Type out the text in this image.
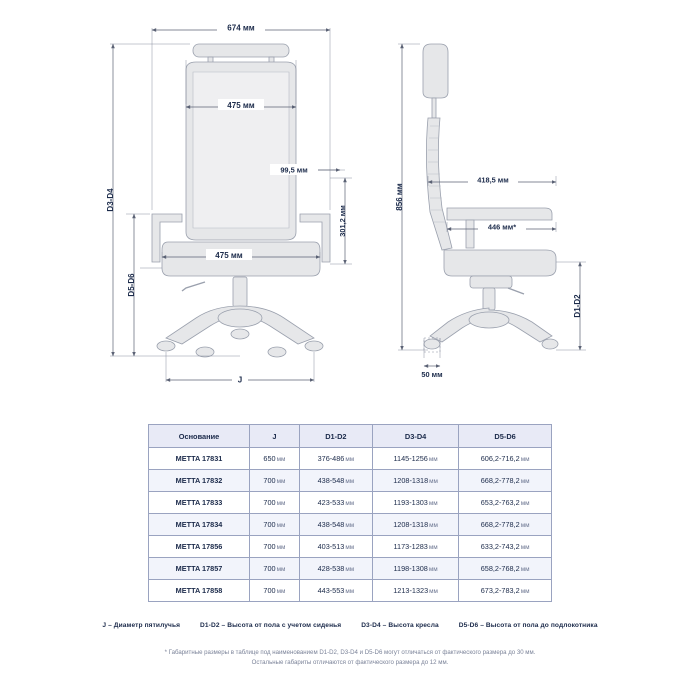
674 мм
475 мм
99,5 мм
475 мм
301,2 мм
D3-D4
D5-D6
J
856 мм
418,5 мм
446 мм*
D1-D2
50 мм
Основание	J	D1-D2	D3-D4	D5-D6
METTA 17831	650мм	376-486мм	1145-1256мм	606,2-716,2мм
METTA 17832	700мм	438-548мм	1208-1318мм	668,2-778,2мм
METTA 17833	700мм	423-533мм	1193-1303мм	653,2-763,2мм
METTA 17834	700мм	438-548мм	1208-1318мм	668,2-778,2мм
METTA 17856	700мм	403-513мм	1173-1283мм	633,2-743,2мм
METTA 17857	700мм	428-538мм	1198-1308мм	658,2-768,2мм
METTA 17858	700мм	443-553мм	1213-1323мм	673,2-783,2мм
J – Диаметр пятилучья	D1-D2 – Высота от пола с учетом сиденья	D3-D4 – Высота кресла	D5-D6 – Высота от пола до подлокотника
* Габаритные размеры в таблице под наименованием D1-D2, D3-D4 и D5-D6 могут отличаться от фактического размера до 30 мм.
Остальные габариты отличаются от фактического размера до 12 мм.
